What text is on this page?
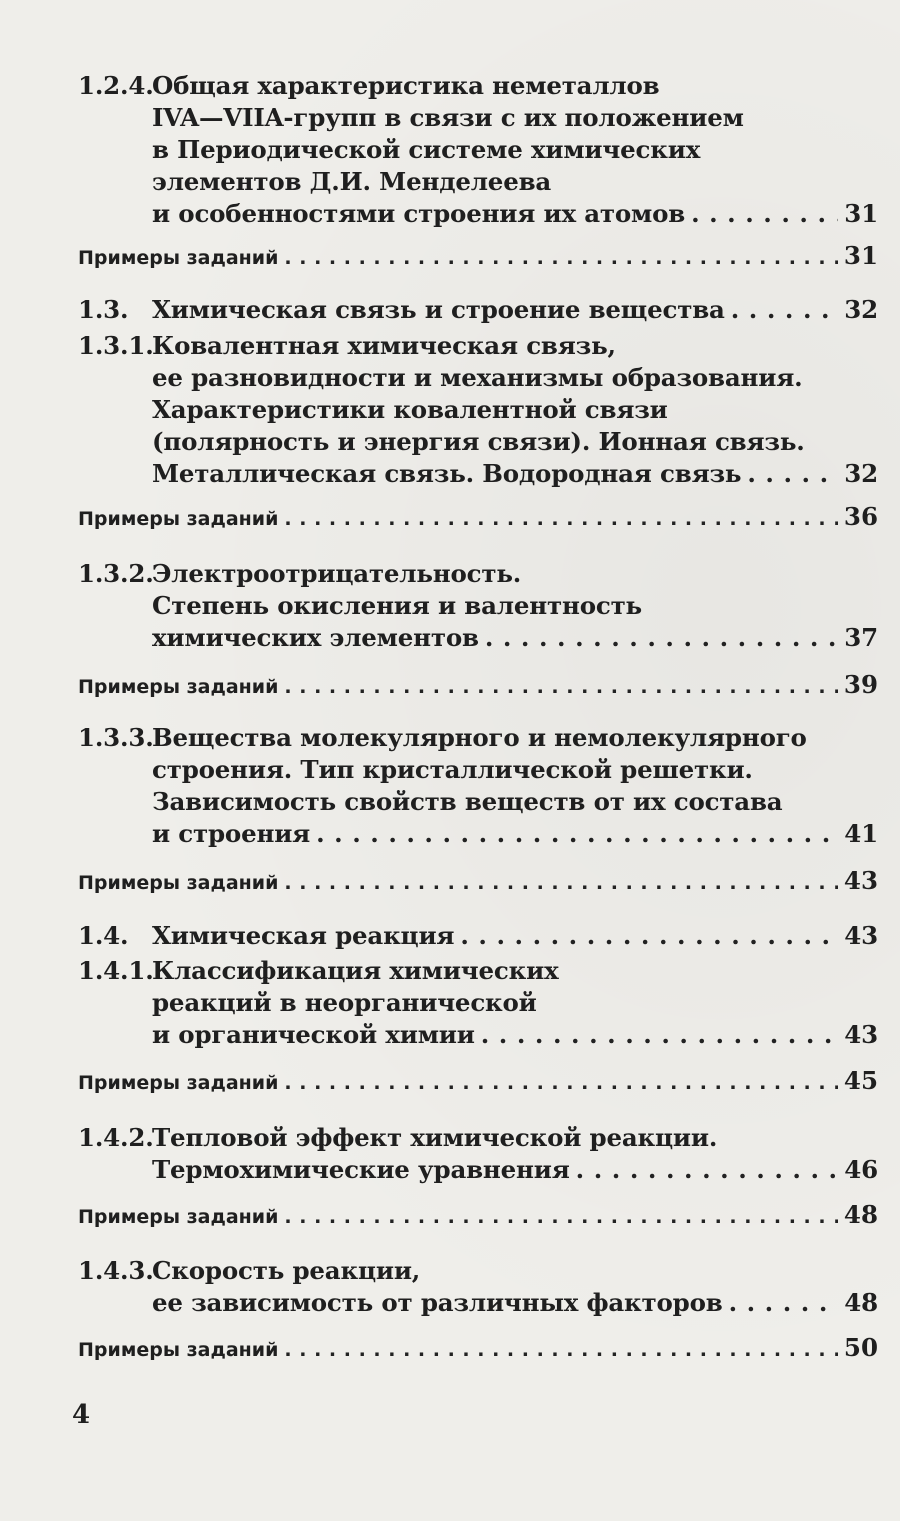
1.2.4.Общая характеристика неметаллов
IVA—VIIA-групп в связи с их положением
в Периодической системе химических
элементов Д.И. Менделеева
и особенностями строения их атомов . . .	31
Примеры заданий . . .	31
1.3. Химическая связь и строение вещества . . .	32
1.3.1.Ковалентная химическая связь,
ее разновидности и механизмы образования.
Характеристики ковалентной связи
(полярность и энергия связи). Ионная связь.
Металлическая связь. Водородная связь . . .	32
Примеры заданий . . .	36
1.3.2.Электроотрицательность.
Степень окисления и валентность
химических элементов . . .	37
Примеры заданий . . .	39
1.3.3.Вещества молекулярного и немолекулярного
строения. Тип кристаллической решетки.
Зависимость свойств веществ от их состава
и строения . . .	41
Примеры заданий . . .	43
1.4. Химическая реакция . . .	43
1.4.1.Классификация химических
реакций в неорганической
и органической химии . . .	43
Примеры заданий . . .	45
1.4.2.Тепловой эффект химической реакции.
Термохимические уравнения . . .	46
Примеры заданий . . .	48
1.4.3.Скорость реакции,
ее зависимость от различных факторов . . .	48
Примеры заданий . . .	50
4
